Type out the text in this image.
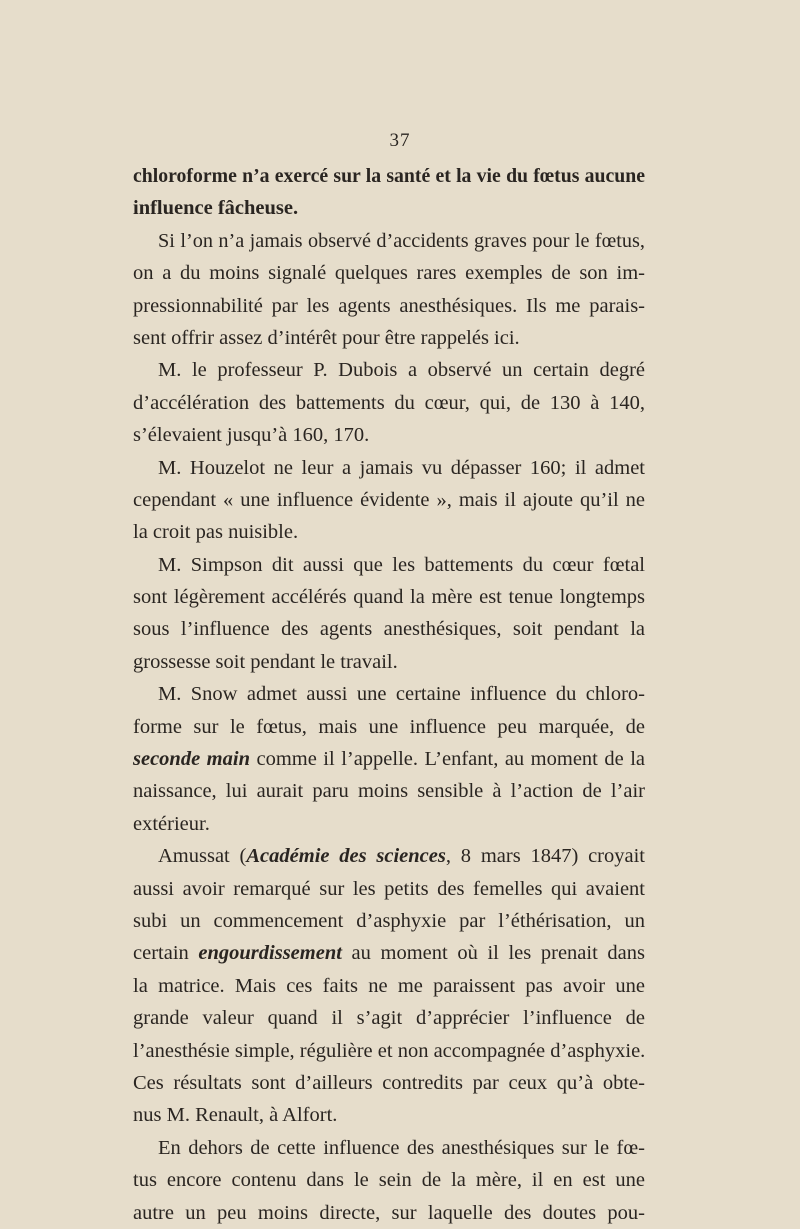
37
chloroforme n’a exercé sur la santé et la vie du fœtus aucune
influence fâcheuse.
Si l’on n’a jamais observé d’accidents graves pour le fœtus,
on a du moins signalé quelques rares exemples de son im-
pressionnabilité par les agents anesthésiques. Ils me parais-
sent offrir assez d’intérêt pour être rappelés ici.
M. le professeur P. Dubois a observé un certain degré
d’accélération des battements du cœur, qui, de 130 à 140,
s’élevaient jusqu’à 160, 170.
M. Houzelot ne leur a jamais vu dépasser 160; il admet
cependant « une influence évidente », mais il ajoute qu’il ne
la croit pas nuisible.
M. Simpson dit aussi que les battements du cœur fœtal
sont légèrement accélérés quand la mère est tenue longtemps
sous l’influence des agents anesthésiques, soit pendant la
grossesse soit pendant le travail.
M. Snow admet aussi une certaine influence du chloro-
forme sur le fœtus, mais une influence peu marquée, de
seconde main comme il l’appelle. L’enfant, au moment de la
naissance, lui aurait paru moins sensible à l’action de l’air
extérieur.
Amussat (Académie des sciences, 8 mars 1847) croyait
aussi avoir remarqué sur les petits des femelles qui avaient
subi un commencement d’asphyxie par l’éthérisation, un
certain engourdissement au moment où il les prenait dans
la matrice. Mais ces faits ne me paraissent pas avoir une
grande valeur quand il s’agit d’apprécier l’influence de
l’anesthésie simple, régulière et non accompagnée d’asphyxie.
Ces résultats sont d’ailleurs contredits par ceux qu’à obte-
nus M. Renault, à Alfort.
En dehors de cette influence des anesthésiques sur le fœ-
tus encore contenu dans le sein de la mère, il en est une
autre un peu moins directe, sur laquelle des doutes pou-
